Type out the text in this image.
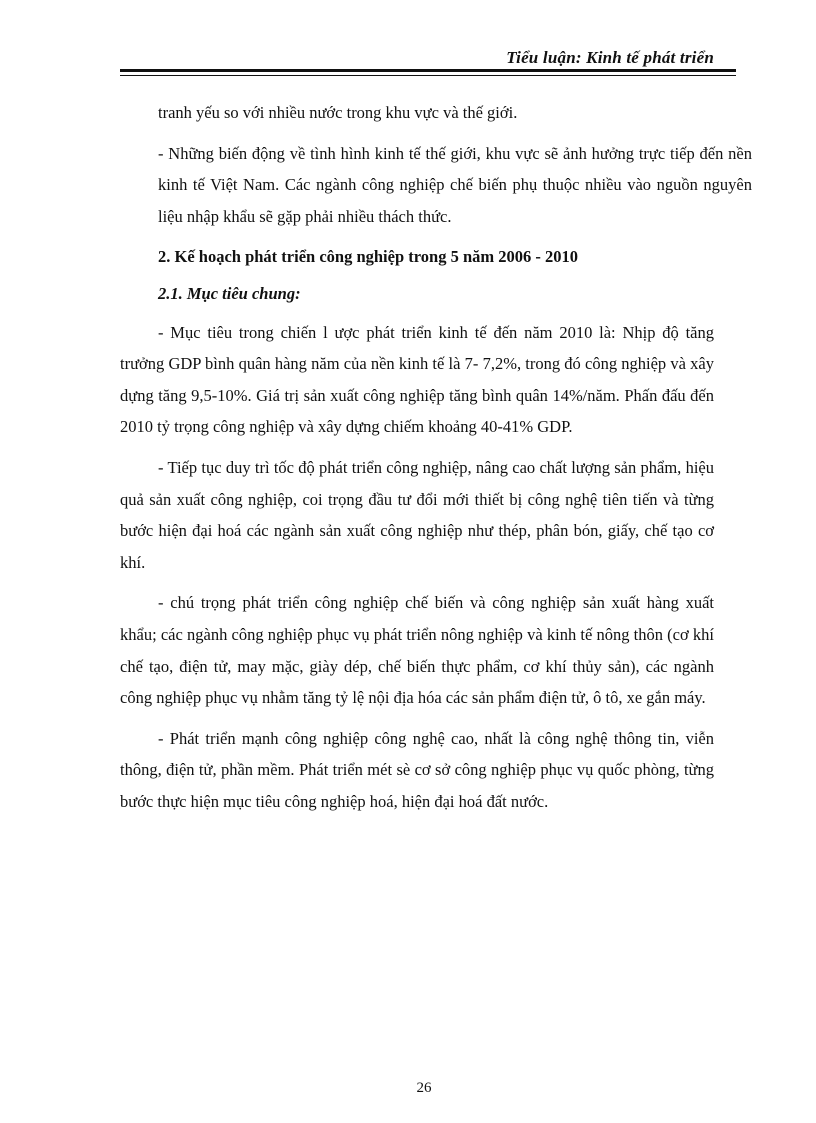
Tiểu luận: Kinh tế phát triển

tranh yếu so với nhiều nước trong khu vực và thế giới.

- Những biến động về tình hình kinh tế thế giới, khu vực sẽ ảnh hưởng trực tiếp đến nền kinh tế Việt Nam. Các ngành công nghiệp chế biến phụ thuộc nhiều vào nguồn nguyên liệu nhập khẩu sẽ gặp phải nhiều thách thức.

2. Kế hoạch phát triển công nghiệp trong 5 năm 2006 - 2010

2.1. Mục tiêu chung:

- Mục tiêu trong chiến l ược phát triển kinh tế đến năm 2010 là: Nhịp độ tăng trưởng GDP bình quân hàng năm của nền kinh tế là 7- 7,2%, trong đó công nghiệp và xây dựng tăng 9,5-10%. Giá trị sản xuất công nghiệp tăng bình quân 14%/năm. Phấn đấu đến 2010 tỷ trọng công nghiệp và xây dựng chiếm khoảng 40-41% GDP.

- Tiếp tục duy trì tốc độ phát triển công nghiệp, nâng cao chất lượng sản phẩm, hiệu quả sản xuất công nghiệp, coi trọng đầu tư đổi mới thiết bị công nghệ tiên tiến và từng bước hiện đại hoá các ngành sản xuất công nghiệp như thép, phân bón, giấy, chế tạo cơ khí.

- chú trọng phát triển công nghiệp chế biến và công nghiệp sản xuất hàng xuất khẩu; các ngành công nghiệp phục vụ phát triển nông nghiệp và kinh tế nông thôn (cơ khí chế tạo, điện tử, may mặc, giày dép, chế biến thực phẩm, cơ khí thủy sản), các ngành công nghiệp phục vụ nhằm tăng tỷ lệ nội địa hóa các sản phẩm điện tử, ô tô, xe gắn máy.

- Phát triển mạnh công nghiệp công nghệ cao, nhất là công nghệ thông tin, viễn thông, điện tử, phần mềm. Phát triển mét sè cơ sở công nghiệp phục vụ quốc phòng, từng bước thực hiện mục tiêu công nghiệp hoá, hiện đại hoá đất nước.

26
